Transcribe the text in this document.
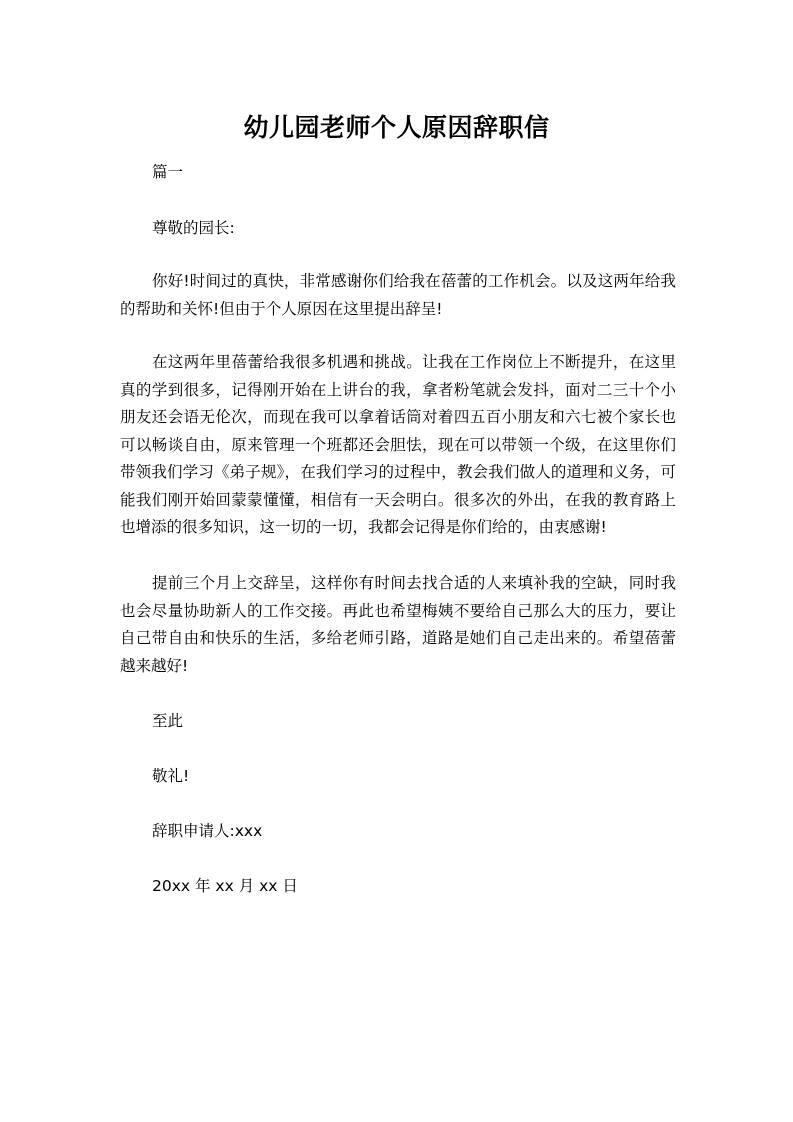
幼儿园老师个人原因辞职信
篇一
尊敬的园长:

你好!时间过的真快，非常感谢你们给我在蓓蕾的工作机会。以及这两年给我的帮助和关怀!但由于个人原因在这里提出辞呈!

在这两年里蓓蕾给我很多机遇和挑战。让我在工作岗位上不断提升，在这里真的学到很多，记得刚开始在上讲台的我，拿者粉笔就会发抖，面对二三十个小朋友还会语无伦次，而现在我可以拿着话筒对着四五百小朋友和六七被个家长也可以畅谈自由，原来管理一个班都还会胆怯，现在可以带领一个级，在这里你们带领我们学习《弟子规》，在我们学习的过程中，教会我们做人的道理和义务，可能我们刚开始回蒙蒙懂懂，相信有一天会明白。很多次的外出，在我的教育路上也增添的很多知识，这一切的一切，我都会记得是你们给的，由衷感谢!

提前三个月上交辞呈，这样你有时间去找合适的人来填补我的空缺，同时我也会尽量协助新人的工作交接。再此也希望梅姨不要给自己那么大的压力，要让自己带自由和快乐的生活，多给老师引路，道路是她们自己走出来的。希望蓓蕾越来越好!

至此
敬礼!
辞职申请人:xxx
20xx 年 xx 月 xx 日
